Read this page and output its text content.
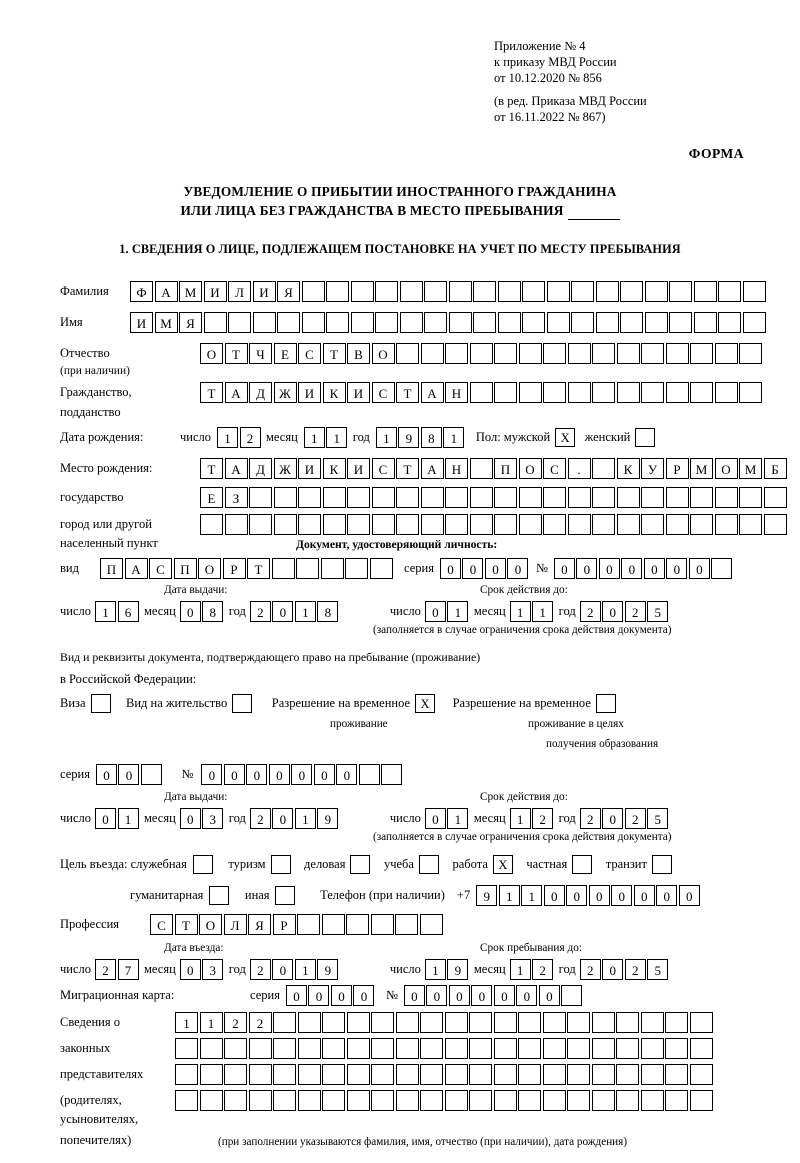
Приложение № 4
к приказу МВД России
от 10.12.2020 № 856
(в ред. Приказа МВД России
от 16.11.2022 № 867)
ФОРМА
УВЕДОМЛЕНИЕ О ПРИБЫТИИ ИНОСТРАННОГО ГРАЖДАНИНА
ИЛИ ЛИЦА БЕЗ ГРАЖДАНСТВА В МЕСТО ПРЕБЫВАНИЯ
1. СВЕДЕНИЯ О ЛИЦЕ, ПОДЛЕЖАЩЕМ ПОСТАНОВКЕ НА УЧЕТ ПО МЕСТУ ПРЕБЫВАНИЯ
Фамилия	Ф	А	М	И	Л	И	Я
Имя	И	М	Я
Отчество	О	Т	Ч	Е	С	Т	В	О
(при наличии)
Гражданство,	Т	А	Д	Ж	И	К	И	С	Т	А	Н
подданство
Дата рождения:	число	1	2	месяц	1	1	год	1	9	8	1	Пол: мужской X	женский
Место рождения:	Т	А	Д	Ж	И	К	И	С	Т	А	Н	П	О	С	.	К	У	Р	М	О	М	Б
государство	Е	З
город или другой
населенный пункт	Документ, удостоверяющий личность:
вид	П	А	С	П	О	Р	Т	серия	0	0	0	0	№	0	0	0	0	0	0	0
Дата выдачи:	Срок действия до:
число 1	6	месяц 0	8	год 2	0	1	8	число 0	1	месяц 1	1	год 2	0	2	5
(заполняется в случае ограничения срока действия документа)
Вид и реквизиты документа, подтверждающего право на пребывание (проживание)
в Российской Федерации:
Виза	Вид на жительство	Разрешение на временное X	Разрешение на временное
проживание	проживание в целях
получения образования
серия	0	0	№	0	0	0	0	0	0	0
Дата выдачи:	Срок действия до:
число 0	1	месяц 0	3	год 2	0	1	9	число 0	1	месяц 1	2	год 2	0	2	5
(заполняется в случае ограничения срока действия документа)
Цель въезда: служебная	туризм	деловая	учеба	работа X	частная	транзит
гуманитарная	иная	Телефон (при наличии) +7	9	1	1	0	0	0	0	0	0	0
Профессия	С	Т	О	Л	Я	Р
Дата въезда:	Срок пребывания до:
число 2	7	месяц 0	3	год 2	0	1	9	число 1	9	месяц 1	2	год 2	0	2	5
Миграционная карта:	серия	0	0	0	0	№	0	0	0	0	0	0	0
Сведения о	1	1	2	2
законных
представителях
(родителях,
усыновителях,
попечителях)	(при заполнении указываются фамилия, имя, отчество (при наличии), дата рождения)
